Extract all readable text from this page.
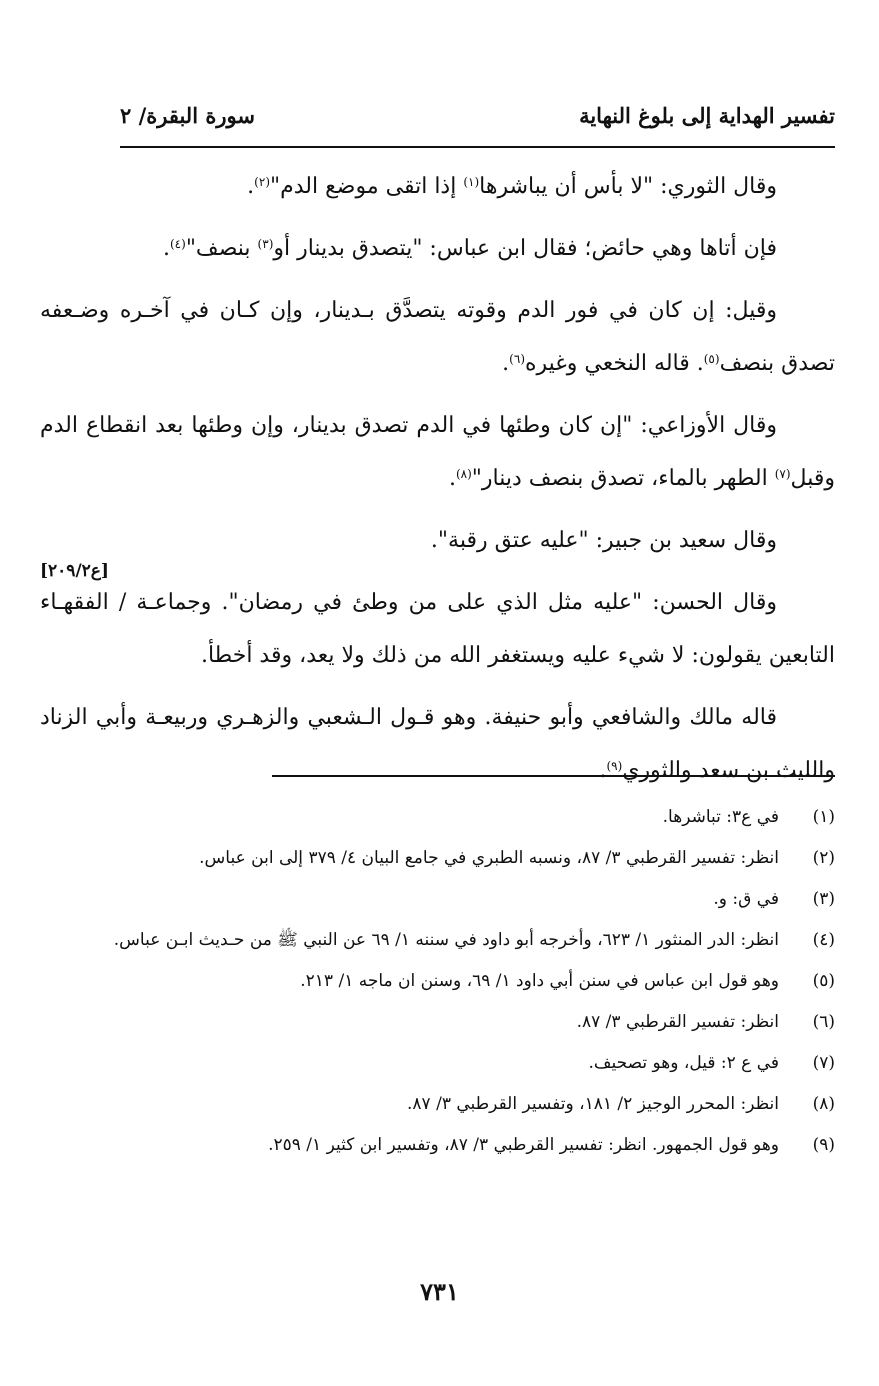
تفسير الهداية إلى بلوغ النهاية
سورة البقرة/ ٢

وقال الثوري: "لا بأس أن يباشرها$^{(١)}$ إذا اتقى موضع الدم"$^{(٢)}$.

فإن أتاها وهي حائض؛ فقال ابن عباس: "يتصدق بدينار أو$^{(٣)}$ بنصف"$^{(٤)}$.

وقيل: إن كان في فور الدم وقوته يتصدَّق بـدينار، وإن كـان في آخـره وضـعفه تصدق بنصف$^{(٥)}$. قاله النخعي وغيره$^{(٦)}$.

وقال الأوزاعي: "إن كان وطئها في الدم تصدق بدينار، وإن وطئها بعد انقطاع الدم وقبل$^{(٧)}$ الطهر بالماء، تصدق بنصف دينار"$^{(٨)}$.

وقال سعيد بن جبير: "عليه عتق رقبة".

وقال الحسن: "عليه مثل الذي على من وطئ في رمضان". وجماعـة / الفقهـاء التابعين يقولون: لا شيء عليه ويستغفر الله من ذلك ولا يعد، وقد أخطأ.

قاله مالك والشافعي وأبو حنيفة. وهو قـول الـشعبي والزهـري وربيعـة وأبي الزناد والليث بن سعد والثوري$^{(٩)}$.

[ع٢٠٩/٢]
(١)
في ع٣: تباشرها.
(٢)
انظر: تفسير القرطبي ٣/ ٨٧، ونسبه الطبري في جامع البيان ٤/ ٣٧٩ إلى ابن عباس.
(٣)
في ق: و.
(٤)
انظر: الدر المنثور ١/ ٦٢٣، وأخرجه أبو داود في سننه ١/ ٦٩ عن النبي ﷺ من حـديث ابـن عباس.
(٥)
وهو قول ابن عباس في سنن أبي داود ١/ ٦٩، وسنن ان ماجه ١/ ٢١٣.
(٦)
انظر: تفسير القرطبي ٣/ ٨٧.
(٧)
في ع ٢: قيل، وهو تصحيف.
(٨)
انظر: المحرر الوجيز ٢/ ١٨١، وتفسير القرطبي ٣/ ٨٧.
(٩)
وهو قول الجمهور. انظر: تفسير القرطبي ٣/ ٨٧، وتفسير ابن كثير ١/ ٢٥٩.
٧٣١
